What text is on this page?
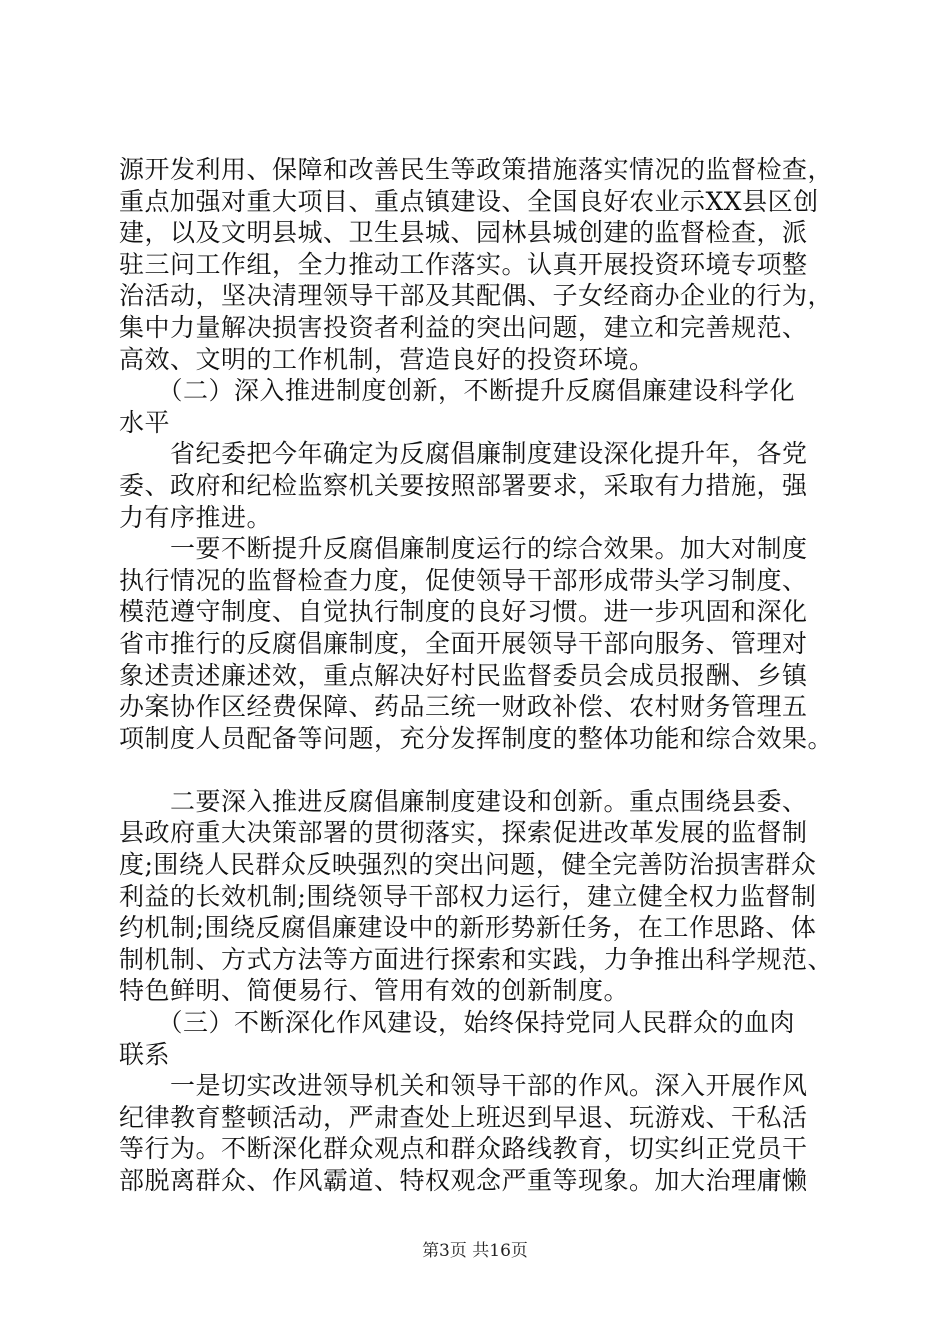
源开发利用、保障和改善民生等政策措施落实情况的监督检查，
重点加强对重大项目、重点镇建设、全国良好农业示XX县区创
建，以及文明县城、卫生县城、园林县城创建的监督检查，派
驻三问工作组，全力推动工作落实。认真开展投资环境专项整
治活动，坚决清理领导干部及其配偶、子女经商办企业的行为，
集中力量解决损害投资者利益的突出问题，建立和完善规范、
高效、文明的工作机制，营造良好的投资环境。
　　（二）深入推进制度创新，不断提升反腐倡廉建设科学化
水平
　　省纪委把今年确定为反腐倡廉制度建设深化提升年，各党
委、政府和纪检监察机关要按照部署要求，采取有力措施，强
力有序推进。
　　一要不断提升反腐倡廉制度运行的综合效果。加大对制度
执行情况的监督检查力度，促使领导干部形成带头学习制度、
模范遵守制度、自觉执行制度的良好习惯。进一步巩固和深化
省市推行的反腐倡廉制度，全面开展领导干部向服务、管理对
象述责述廉述效，重点解决好村民监督委员会成员报酬、乡镇
办案协作区经费保障、药品三统一财政补偿、农村财务管理五
项制度人员配备等问题，充分发挥制度的整体功能和综合效果。
　　二要深入推进反腐倡廉制度建设和创新。重点围绕县委、
县政府重大决策部署的贯彻落实，探索促进改革发展的监督制
度;围绕人民群众反映强烈的突出问题，健全完善防治损害群众
利益的长效机制;围绕领导干部权力运行，建立健全权力监督制
约机制;围绕反腐倡廉建设中的新形势新任务，在工作思路、体
制机制、方式方法等方面进行探索和实践，力争推出科学规范、
特色鲜明、简便易行、管用有效的创新制度。
　　（三）不断深化作风建设，始终保持党同人民群众的血肉
联系
　　一是切实改进领导机关和领导干部的作风。深入开展作风
纪律教育整顿活动，严肃查处上班迟到早退、玩游戏、干私活
等行为。不断深化群众观点和群众路线教育，切实纠正党员干
部脱离群众、作风霸道、特权观念严重等现象。加大治理庸懒
第3页 共16页
